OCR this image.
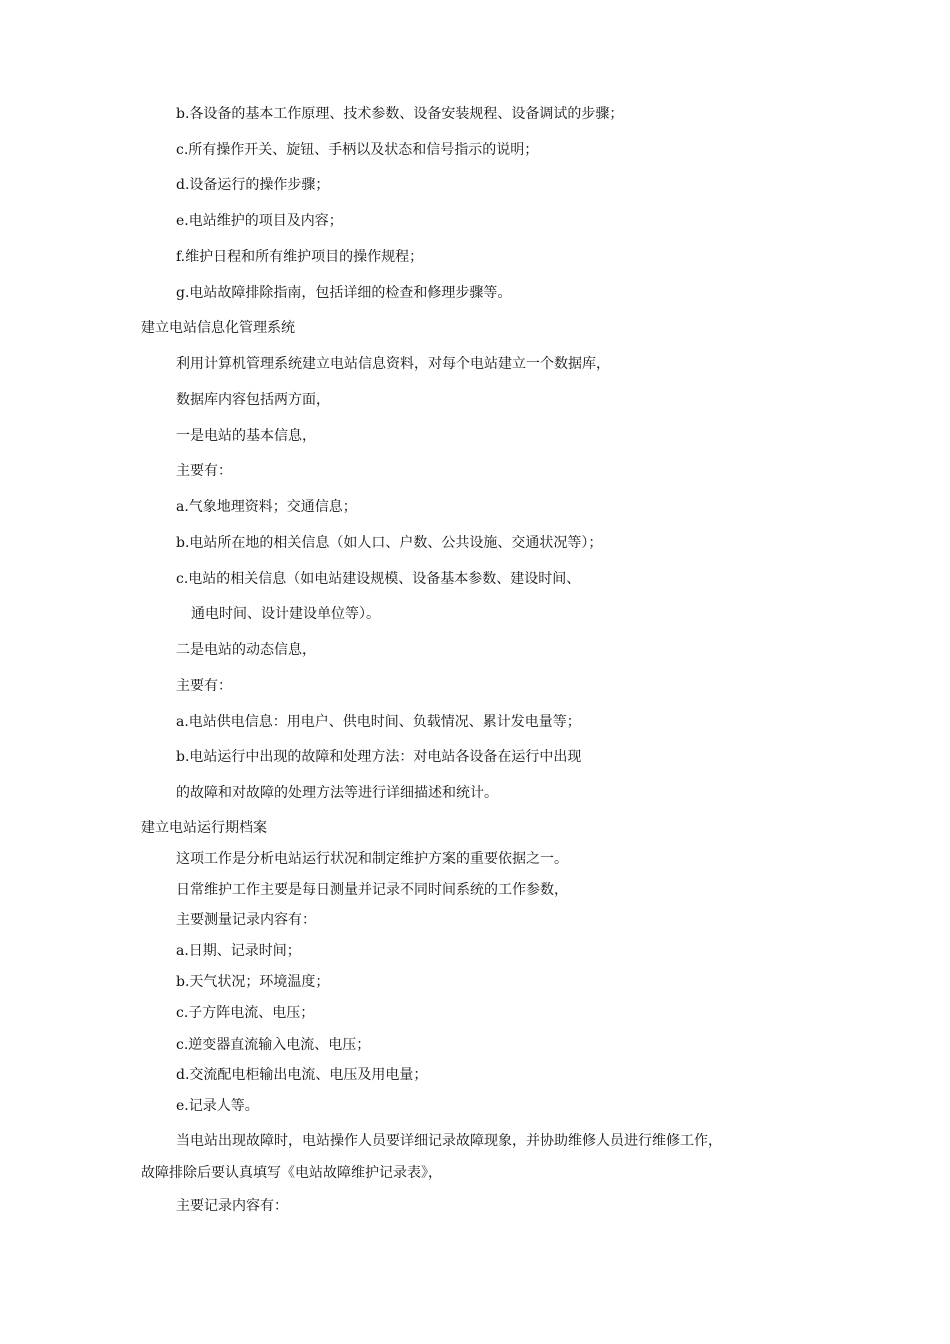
b.各设备的基本工作原理、技术参数、设备安装规程、设备调试的步骤；
c.所有操作开关、旋钮、手柄以及状态和信号指示的说明；
d.设备运行的操作步骤；
e.电站维护的项目及内容；
f.维护日程和所有维护项目的操作规程；
g.电站故障排除指南，包括详细的检查和修理步骤等。
建立电站信息化管理系统
利用计算机管理系统建立电站信息资料，对每个电站建立一个数据库，
数据库内容包括两方面，
一是电站的基本信息，
主要有：
a.气象地理资料；交通信息；
b.电站所在地的相关信息（如人口、户数、公共设施、交通状况等）；
c.电站的相关信息（如电站建设规模、设备基本参数、建设时间、
通电时间、设计建设单位等）。
二是电站的动态信息，
主要有：
a.电站供电信息：用电户、供电时间、负载情况、累计发电量等；
b.电站运行中出现的故障和处理方法：对电站各设备在运行中出现
的故障和对故障的处理方法等进行详细描述和统计。
建立电站运行期档案
这项工作是分析电站运行状况和制定维护方案的重要依据之一。
日常维护工作主要是每日测量并记录不同时间系统的工作参数，
主要测量记录内容有：
a.日期、记录时间；
b.天气状况；环境温度；
c.子方阵电流、电压；
c.逆变器直流输入电流、电压；
d.交流配电柜输出电流、电压及用电量；
e.记录人等。
当电站出现故障时，电站操作人员要详细记录故障现象，并协助维修人员进行维修工作，
故障排除后要认真填写《电站故障维护记录表》，
主要记录内容有：
